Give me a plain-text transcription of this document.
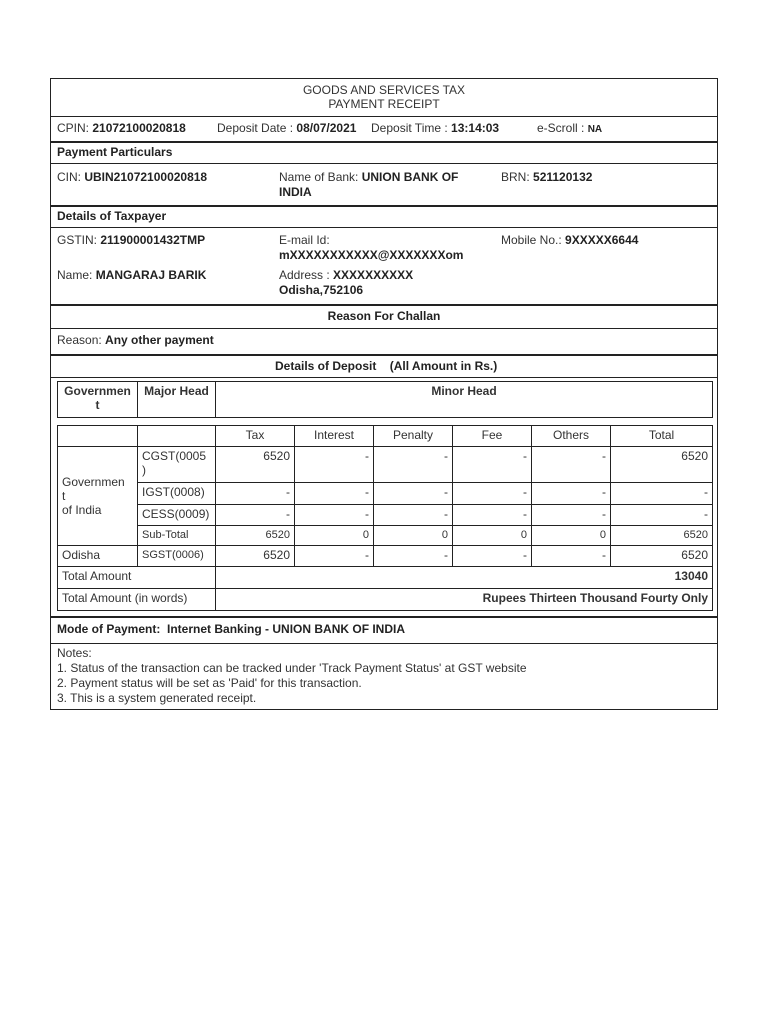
GOODS AND SERVICES TAX
PAYMENT RECEIPT
CPIN: 21072100020818	Deposit Date : 08/07/2021 Deposit Time : 13:14:03	e-Scroll : NA
Payment Particulars
CIN: UBIN21072100020818	Name of Bank: UNION BANK OF
INDIA
BRN: 521120132
Details of Taxpayer
GSTIN: 211900001432TMP	E-mail Id:
mXXXXXXXXXXX@XXXXXXXom
Mobile No.: 9XXXXX6644
Name: MANGARAJ BARIK	Address : XXXXXXXXXX
Odisha,752106
Reason For Challan
Reason: Any other payment
Details of Deposit (All Amount in Rs.)
Governmen
t	Major Head	Minor Head
		Tax	Interest	Penalty	Fee	Others	Total
Governmen
t
of India	CGST(0005
)	6520	-	-	-	-	6520
	IGST(0008)	-	-	-	-	-	-
	CESS(0009)	-	-	-	-	-	-
	Sub-Total	6520	0	0	0	0	6520
Odisha	SGST(0006)	6520	-	-	-	-	6520
Total Amount		13040					
Total Amount (in words)		Rupees Thirteen Thousand Fourty Only					
Mode of Payment: Internet Banking - UNION BANK OF INDIA
Notes:
1. Status of the transaction can be tracked under 'Track Payment Status' at GST website
2. Payment status will be set as 'Paid' for this transaction.
3. This is a system generated receipt.
